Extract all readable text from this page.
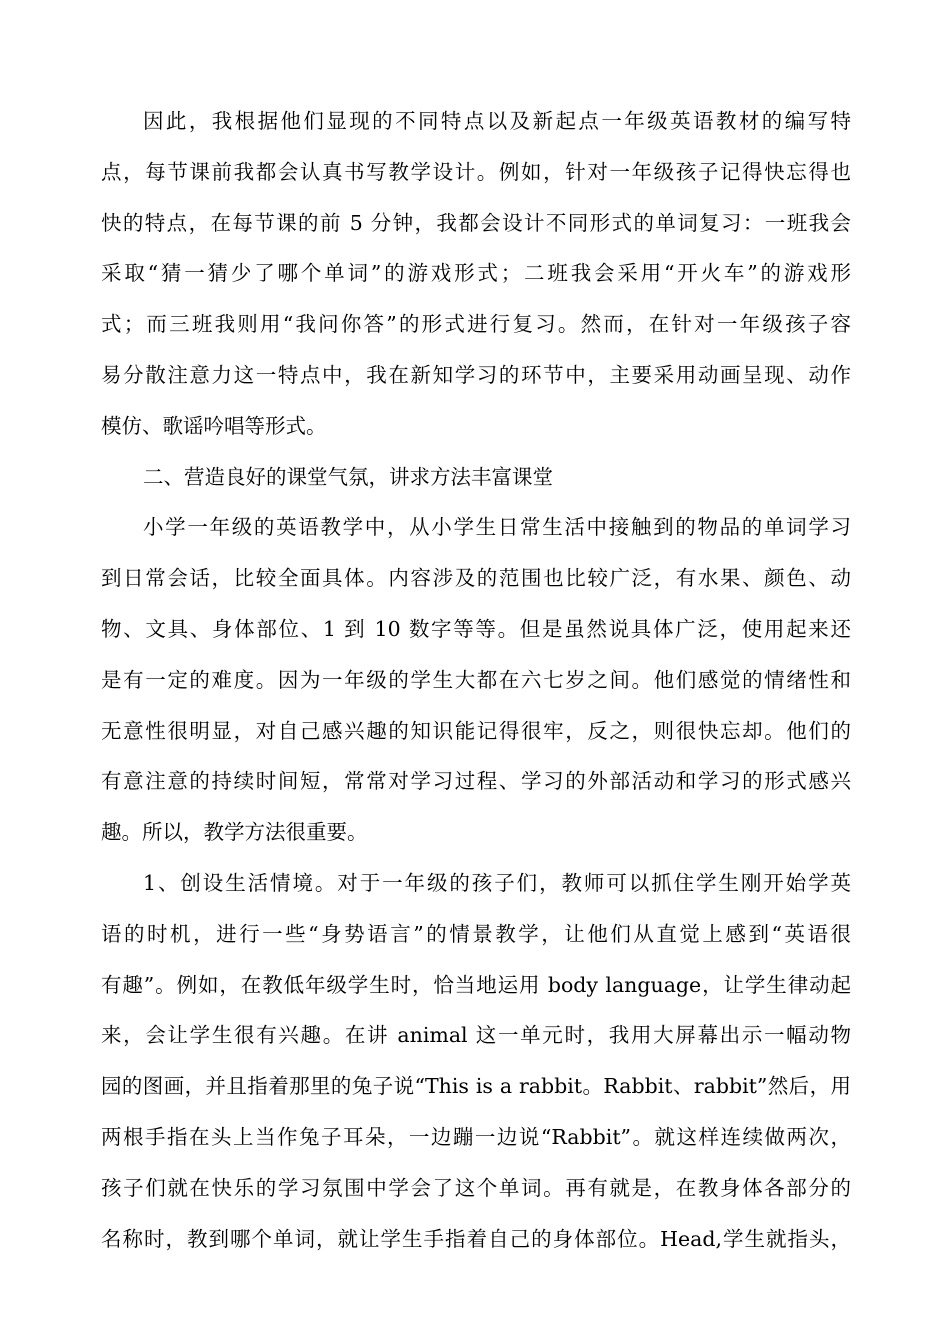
因此，我根据他们显现的不同特点以及新起点一年级英语教材的编写特
点，每节课前我都会认真书写教学设计。例如，针对一年级孩子记得快忘得也
快的特点，在每节课的前 5 分钟，我都会设计不同形式的单词复习：一班我会
采取“猜一猜少了哪个单词”的游戏形式；二班我会采用“开火车”的游戏形
式；而三班我则用“我问你答”的形式进行复习。然而，在针对一年级孩子容
易分散注意力这一特点中，我在新知学习的环节中，主要采用动画呈现、动作
模仿、歌谣吟唱等形式。
二、营造良好的课堂气氛，讲求方法丰富课堂
小学一年级的英语教学中，从小学生日常生活中接触到的物品的单词学习
到日常会话，比较全面具体。内容涉及的范围也比较广泛，有水果、颜色、动
物、文具、身体部位、1 到 10 数字等等。但是虽然说具体广泛，使用起来还
是有一定的难度。因为一年级的学生大都在六七岁之间。他们感觉的情绪性和
无意性很明显，对自己感兴趣的知识能记得很牢，反之，则很快忘却。他们的
有意注意的持续时间短，常常对学习过程、学习的外部活动和学习的形式感兴
趣。所以，教学方法很重要。
1、创设生活情境。对于一年级的孩子们，教师可以抓住学生刚开始学英
语的时机，进行一些“身势语言”的情景教学，让他们从直觉上感到“英语很
有趣”。例如，在教低年级学生时，恰当地运用 body language，让学生律动起
来，会让学生很有兴趣。在讲 animal 这一单元时，我用大屏幕出示一幅动物
园的图画，并且指着那里的兔子说“This is a rabbit。Rabbit、rabbit”然后，用
两根手指在头上当作兔子耳朵，一边蹦一边说“Rabbit”。就这样连续做两次，
孩子们就在快乐的学习氛围中学会了这个单词。再有就是，在教身体各部分的
名称时，教到哪个单词，就让学生手指着自己的身体部位。Head,学生就指头，
